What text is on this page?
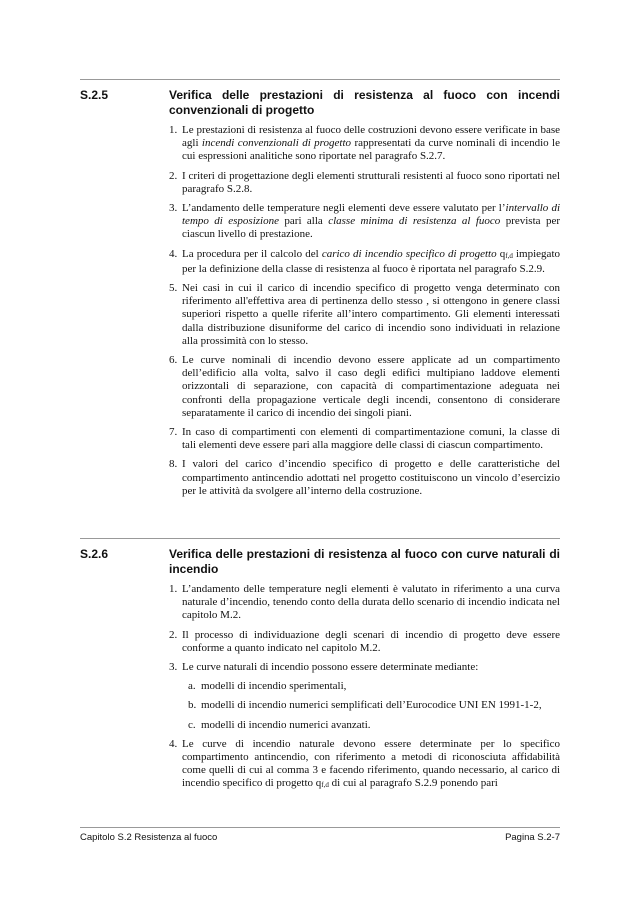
S.2.5	Verifica delle prestazioni di resistenza al fuoco con incendi convenzionali di progetto
1. Le prestazioni di resistenza al fuoco delle costruzioni devono essere verificate in base agli incendi convenzionali di progetto rappresentati da curve nominali di incendio le cui espressioni analitiche sono riportate nel paragrafo S.2.7.
2. I criteri di progettazione degli elementi strutturali resistenti al fuoco sono riportati nel paragrafo S.2.8.
3. L’andamento delle temperature negli elementi deve essere valutato per l’intervallo di tempo di esposizione pari alla classe minima di resistenza al fuoco prevista per ciascun livello di prestazione.
4. La procedura per il calcolo del carico di incendio specifico di progetto $q_{f,d}$ impiegato per la definizione della classe di resistenza al fuoco è riportata nel paragrafo S.2.9.
5. Nei casi in cui il carico di incendio specifico di progetto venga determinato con riferimento all'effettiva area di pertinenza dello stesso , si ottengono in genere classi superiori rispetto a quelle riferite all’intero compartimento. Gli elementi interessati dalla distribuzione disuniforme del carico di incendio sono individuati in relazione alla prossimità con lo stesso.
6. Le curve nominali di incendio devono essere applicate ad un compartimento dell’edificio alla volta, salvo il caso degli edifici multipiano laddove elementi orizzontali di separazione, con capacità di compartimentazione adeguata nei confronti della propagazione verticale degli incendi, consentono di considerare separatamente il carico di incendio dei singoli piani.
7. In caso di compartimenti con elementi di compartimentazione comuni, la classe di tali elementi deve essere pari alla maggiore delle classi di ciascun compartimento.
8. I valori del carico d’incendio specifico di progetto e delle caratteristiche del compartimento antincendio adottati nel progetto costituiscono un vincolo d’esercizio per le attività da svolgere all’interno della costruzione.
S.2.6	Verifica delle prestazioni di resistenza al fuoco con curve naturali di incendio
1. L’andamento delle temperature negli elementi è valutato in riferimento a una curva naturale d’incendio, tenendo conto della durata dello scenario di incendio indicata nel capitolo M.2.
2. Il processo di individuazione degli scenari di incendio di progetto deve essere conforme a quanto indicato nel capitolo M.2.
3. Le curve naturali di incendio possono essere determinate mediante:
a. modelli di incendio sperimentali,
b. modelli di incendio numerici semplificati dell’Eurocodice UNI EN 1991-1-2,
c. modelli di incendio numerici avanzati.
4. Le curve di incendio naturale devono essere determinate per lo specifico compartimento antincendio, con riferimento a metodi di riconosciuta affidabilità come quelli di cui al comma 3 e facendo riferimento, quando necessario, al carico di incendio specifico di progetto $q_{f,d}$ di cui al paragrafo S.2.9 ponendo pari
Capitolo S.2 Resistenza al fuoco	Pagina S.2-7
